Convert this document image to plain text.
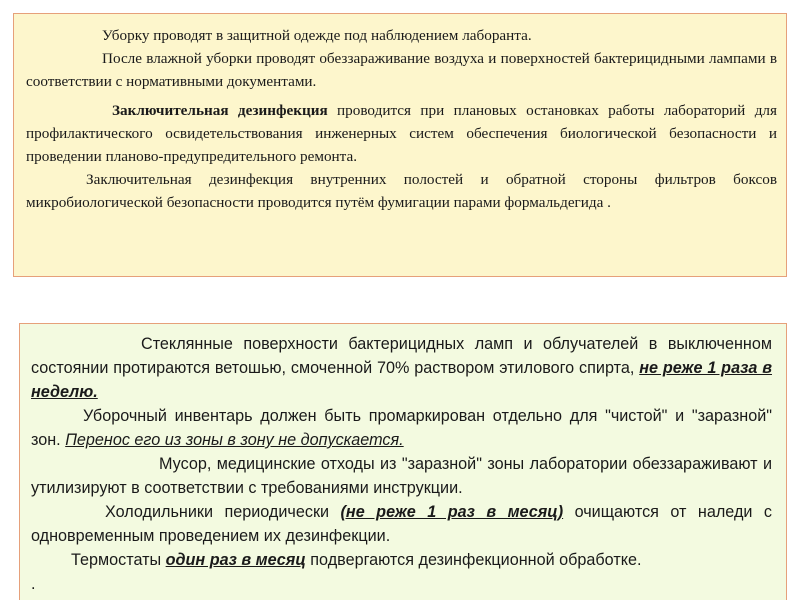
Уборку проводят в защитной одежде под наблюдением лаборанта.

После влажной уборки проводят обеззараживание воздуха и поверхностей бактерицидными лампами в соответствии с нормативными документами.

Заключительная дезинфекция проводится при плановых остановках работы лабораторий для профилактического освидетельствования инженерных систем обеспечения биологической безопасности и проведении планово-предупредительного ремонта.

Заключительная дезинфекция внутренних полостей и обратной стороны фильтров боксов микробиологической безопасности проводится путём фумигации парами формальдегида .

Стеклянные поверхности бактерицидных ламп и облучателей в выключенном состоянии протираются ветошью, смоченной 70% раствором этилового спирта, не реже 1 раза в неделю.

Уборочный инвентарь должен быть промаркирован отдельно для "чистой" и "заразной" зон. Перенос его из зоны в зону не допускается.

Мусор, медицинские отходы из "заразной" зоны лаборатории обеззараживают и утилизируют в соответствии с требованиями инструкции.

Холодильники периодически (не реже 1 раз в месяц) очищаются от наледи с одновременным проведением их дезинфекции.

Термостаты один раз в месяц подвергаются дезинфекционной обработке.

.
